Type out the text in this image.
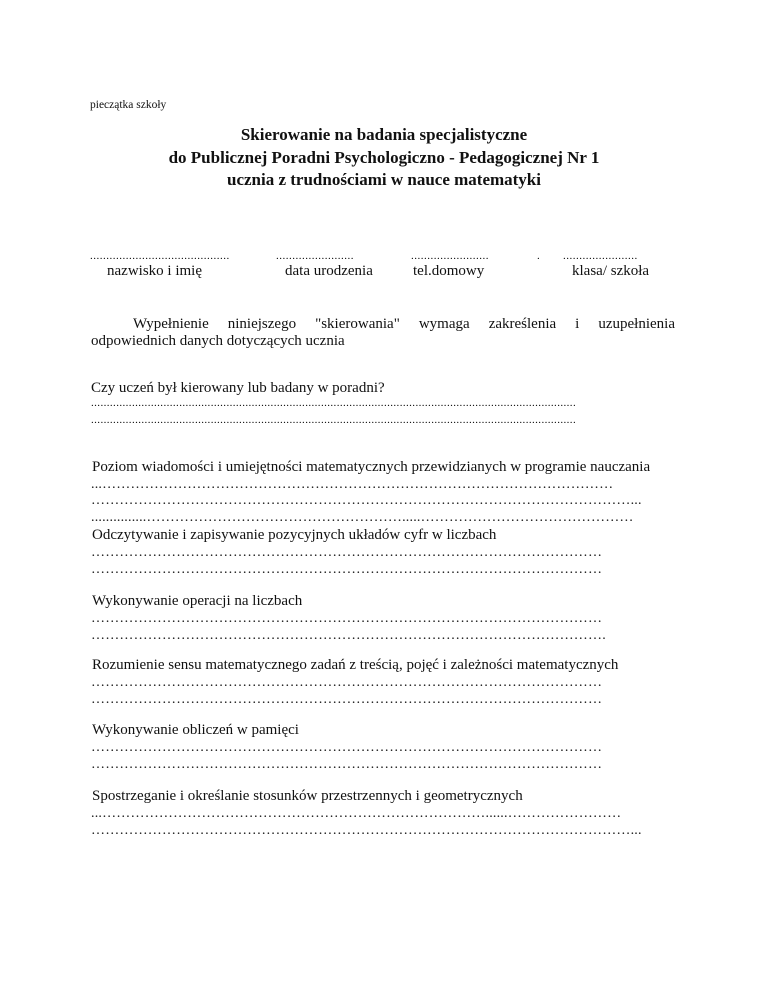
pieczątka szkoły
Skierowanie na badania specjalistyczne
do Publicznej Poradni Psychologiczno - Pedagogicznej Nr 1
ucznia z trudnościami w nauce matematyki
...........................................
nazwisko i imię
........................
data urodzenia
........................
tel.domowy
. .......................
klasa/ szkoła
Wypełnienie niniejszego "skierowania" wymaga zakreślenia i uzupełnienia
odpowiednich danych dotyczących ucznia
Czy uczeń był kierowany lub badany w poradni?
..........................................................................................................................................................
..........................................................................................................................................................
Poziom wiadomości i umiejętności matematycznych przewidzianych w programie nauczania
...………………………………………………………………………………………………
……………………………………………………………………………………………………...
...............……………………………………………….....………………………………………
Odczytywanie i zapisywanie pozycyjnych układów cyfr w liczbach
………………………………………………………………………………………………
………………………………………………………………………………………………
Wykonywanie operacji na liczbach
………………………………………………………………………………………………
……………………………………………………………………………………………….
Rozumienie sensu matematycznego zadań z treścią, pojęć i zależności matematycznych
………………………………………………………………………………………………
………………………………………………………………………………………………
Wykonywanie obliczeń w pamięci
………………………………………………………………………………………………
………………………………………………………………………………………………
Spostrzeganie i określanie stosunków przestrzennych i geometrycznych
...………………………………………………………………………......……………………
……………………………………………………………………………………………………...
